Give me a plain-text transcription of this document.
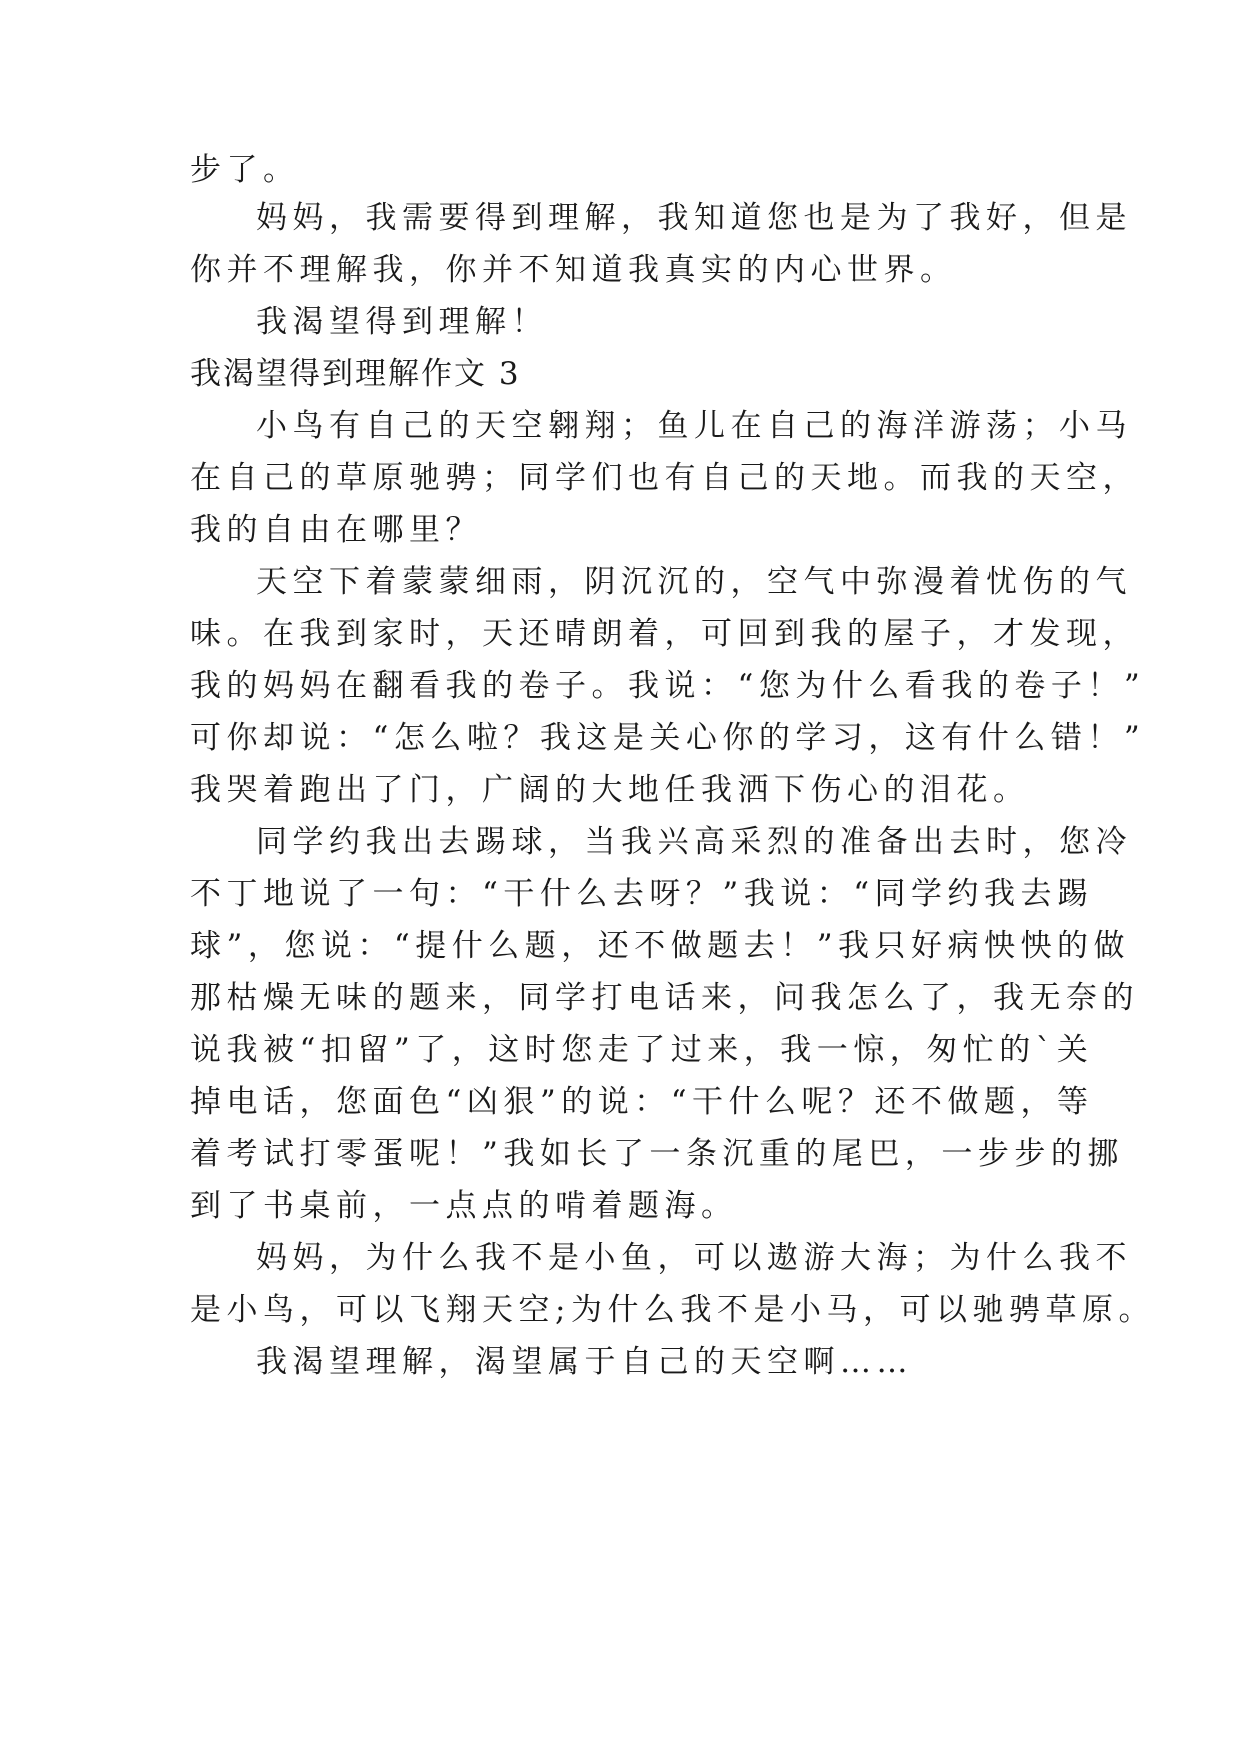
步了。
妈妈，我需要得到理解，我知道您也是为了我好，但是
你并不理解我，你并不知道我真实的内心世界。
我渴望得到理解！
我渴望得到理解作文 3
小鸟有自己的天空翱翔；鱼儿在自己的海洋游荡；小马
在自己的草原驰骋；同学们也有自己的天地。而我的天空，
我的自由在哪里？
天空下着蒙蒙细雨，阴沉沉的，空气中弥漫着忧伤的气
味。在我到家时，天还晴朗着，可回到我的屋子，才发现，
我的妈妈在翻看我的卷子。我说：“您为什么看我的卷子！”
可你却说：“怎么啦？我这是关心你的学习，这有什么错！”
我哭着跑出了门，广阔的大地任我洒下伤心的泪花。
同学约我出去踢球，当我兴高采烈的准备出去时，您冷
不丁地说了一句：“干什么去呀？”我说：“同学约我去踢
球”，您说：“提什么题，还不做题去！”我只好病怏怏的做
那枯燥无味的题来，同学打电话来，问我怎么了，我无奈的
说我被“扣留”了，这时您走了过来，我一惊，匆忙的`关
掉电话，您面色“凶狠”的说：“干什么呢？还不做题，等
着考试打零蛋呢！”我如长了一条沉重的尾巴，一步步的挪
到了书桌前，一点点的啃着题海。
妈妈，为什么我不是小鱼，可以遨游大海；为什么我不
是小鸟，可以飞翔天空;为什么我不是小马，可以驰骋草原。
我渴望理解，渴望属于自己的天空啊……
